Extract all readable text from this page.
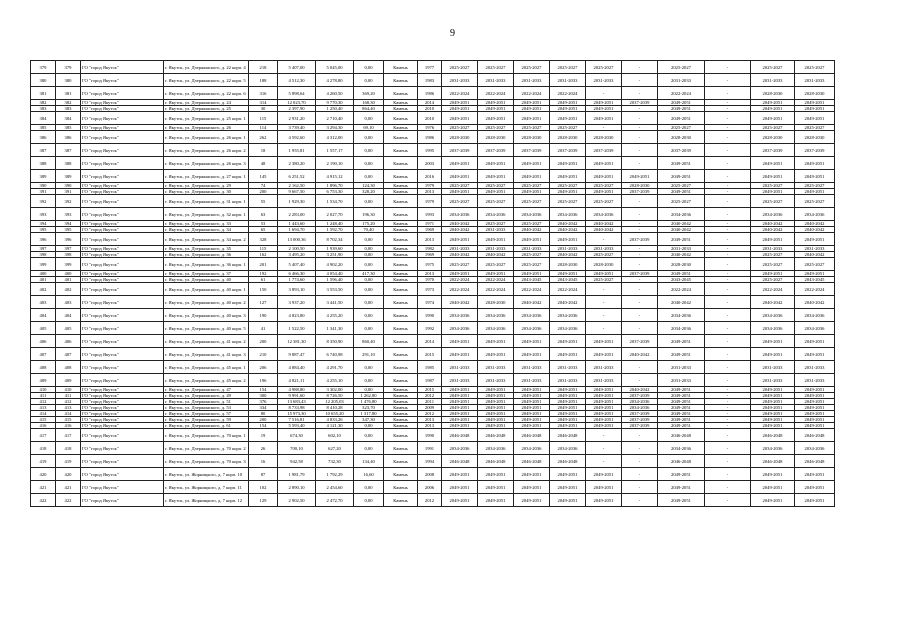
9
379	379	ГО "город Якутск"	г. Якутск, ул. Дзержинского, д. 22 корп. 4	218	5 407,00	5 045,00	0,00	Камень	1977	2025-2027	2025-2027	2025-2027	2025-2027	2025-2027	-	2025-2027	-	2025-2027	2025-2027
380	380	ГО "город Якутск"	г. Якутск, ул. Дзержинского, д. 22 корп. 5	188	4 512,30	4 278,80	0,00	Камень	1983	2031-2033	2031-2033	2031-2033	2031-2033	2031-2033	-	2031-2033	-	2031-2033	2031-2033
381	381	ГО "город Якутск"	г. Якутск, ул. Дзержинского, д. 22 корп. 6	316	5 898,64	4 260,50	369,20	Камень	1986	2022-2024	2022-2024	2022-2024	2022-2024	-	-	2022-2024	-	2028-2030	2028-2030
382	382	ГО "город Якутск"	г. Якутск, ул. Дзержинского, д. 24	314	12 023,70	9 770,30	168,30	Камень	2014	2049-2051	2049-2051	2049-2051	2049-2051	2049-2051	2037-2039	2049-2051	-	2049-2051	2049-2051
383	383	ГО "город Якутск"	г. Якутск, ул. Дзержинского, д. 25	30	2 397,90	1 250,40	864,40	Камень	2010	2049-2051	2049-2051	2049-2051	2049-2051	2049-2051	-	2049-2051	-	2049-2051	2049-2051
384	384	ГО "город Якутск"	г. Якутск, ул. Дзержинского, д. 25 корп. 1	115	2 931,20	2 710,40	0,00	Камень	2010	2049-2051	2049-2051	2049-2051	2049-2051	2049-2051	-	2049-2051	-	2049-2051	2049-2051
385	385	ГО "город Якутск"	г. Якутск, ул. Дзержинского, д. 26	114	3 739,40	3 294,30	69,10	Камень	1976	2025-2027	2025-2027	2025-2027	2025-2027	-	-	2025-2027	-	2025-2027	2025-2027
386	386	ГО "город Якутск"	г. Якутск, ул. Дзержинского, д. 26 корп. 1	262	4 592,60	4 312,00	0,00	Камень	1986	2028-2030	2028-2030	2028-2030	2028-2030	2028-2030	-	2028-2030	-	2028-2030	2028-2030
387	387	ГО "город Якутск"	г. Якутск, ул. Дзержинского, д. 26 корп. 2	18	1 955,81	1 557,17	0,00	Камень	1995	2037-2039	2037-2039	2037-2039	2037-2039	2037-2039	-	2037-2039	-	2037-2039	2037-2039
388	388	ГО "город Якутск"	г. Якутск, ул. Дзержинского, д. 26 корп. 3	48	2 380,20	2 190,10	0,00	Камень	2003	2049-2051	2049-2051	2049-2051	2049-2051	2049-2051	-	2049-2051	-	2049-2051	2049-2051
389	389	ГО "город Якутск"	г. Якутск, ул. Дзержинского, д. 27 корп. 1	145	6 251,52	4 915,12	0,00	Камень	2016	2049-2051	2049-2051	2049-2051	2049-2051	2049-2051	2049-2051	2049-2051	-	2049-2051	2049-2051
390	390	ГО "город Якутск"	г. Якутск, ул. Дзержинского, д. 29	74	2 162,50	1 896,70	124,30	Камень	1979	2025-2027	2025-2027	2025-2027	2025-2027	2025-2027	2028-2030	2025-2027	-	2025-2027	2025-2027
391	391	ГО "город Якутск"	г. Якутск, ул. Дзержинского, д. 30	200	9 667,50	6 753,30	328,20	Камень	2013	2049-2051	2049-2051	2049-2051	2049-2051	2049-2051	2037-2039	2049-2051	-	2049-2051	2049-2051
392	392	ГО "город Якутск"	г. Якутск, ул. Дзержинского, д. 31 корп. 1	55	1 929,30	1 534,70	0,00	Камень	1979	2025-2027	2025-2027	2025-2027	2025-2027	2025-2027	-	2025-2027	-	2025-2027	2025-2027
393	393	ГО "город Якутск"	г. Якутск, ул. Дзержинского, д. 32 корп. 1	63	2 283,00	2 027,70	196,30	Камень	1993	2034-2036	2034-2036	2034-2036	2034-2036	2034-2036	-	2034-2036	-	2034-2036	2034-2036
394	394	ГО "город Якутск"	г. Якутск, ул. Дзержинского, д. 33	53	1 443,60	1 248,40	175,20	Камень	1971	2040-2042	2025-2027	2025-2027	2040-2042	2040-2042	-	2040-2042	-	2040-2042	2040-2042
395	395	ГО "город Якутск"	г. Якутск, ул. Дзержинского, д. 34	65	1 694,70	1 592,70	70,40	Камень	1969	2040-2042	2031-2033	2040-2042	2040-2042	2040-2042	-	2040-2042	-	2040-2042	2040-2042
396	396	ГО "город Якутск"	г. Якутск, ул. Дзержинского, д. 34 корп. 2	328	13 000,36	8 702,34	0,00	Камень	2013	2049-2051	2049-2051	2049-2051	2049-2051	-	2037-2039	2049-2051	-	2049-2051	2049-2051
397	397	ГО "город Якутск"	г. Якутск, ул. Дзержинского, д. 35	115	2 100,50	1 939,60	0,00	Камень	1982	2031-2033	2031-2033	2031-2033	2031-2033	2031-2033	-	2031-2033	-	2031-2033	2031-2033
398	398	ГО "город Якутск"	г. Якутск, ул. Дзержинского, д. 36	162	3 495,20	3 251,90	0,00	Камень	1969	2040-2042	2040-2042	2025-2027	2040-2042	2025-2027	-	2040-2042	-	2025-2027	2040-2042
399	399	ГО "город Якутск"	г. Якутск, ул. Дзержинского, д. 36 корп. 1	201	5 407,40	4 902,20	0,00	Камень	1975	2025-2027	2025-2027	2025-2027	2028-2030	2028-2030	-	2028-2030	-	2025-2027	2025-2027
400	400	ГО "город Якутск"	г. Якутск, ул. Дзержинского, д. 37	192	6 466,30	4 054,40	417,30	Камень	2013	2049-2051	2049-2051	2049-2051	2049-2051	2049-2051	2037-2039	2049-2051	-	2049-2051	2049-2051
401	401	ГО "город Якутск"	г. Якутск, ул. Дзержинского, д. 40	61	1 774,60	1 596,40	0,00	Камень	1970	2022-2024	2022-2024	2043-2045	2043-2045	2025-2027	-	2043-2045	-	2025-2027	2043-2045
402	402	ГО "город Якутск"	г. Якутск, ул. Дзержинского, д. 40 корп. 1	150	3 893,10	3 553,50	0,00	Камень	1973	2022-2024	2022-2024	2022-2024	2022-2024	-	-	2022-2024	-	2022-2024	2022-2024
403	403	ГО "город Якутск"	г. Якутск, ул. Дзержинского, д. 40 корп. 2	127	3 937,20	3 441,50	0,00	Камень	1974	2040-2042	2028-2030	2040-2042	2040-2042	-	-	2040-2042	-	2040-2042	2040-2042
404	404	ГО "город Якутск"	г. Якутск, ул. Дзержинского, д. 40 корп. 3	190	4 823,80	4 255,20	0,00	Камень	1990	2034-2036	2034-2036	2034-2036	2034-2036	-	-	2034-2036	-	2034-2036	2034-2036
405	405	ГО "город Якутск"	г. Якутск, ул. Дзержинского, д. 40 корп. 5	41	1 522,50	1 341,30	0,00	Камень	1992	2034-2036	2034-2036	2034-2036	2034-2036	-	-	2034-2036	-	2034-2036	2034-2036
406	406	ГО "город Якутск"	г. Якутск, ул. Дзержинского, д. 41 корп. 2	200	12 381,30	8 350,90	860,40	Камень	2014	2049-2051	2049-2051	2049-2051	2049-2051	2049-2051	2037-2039	2049-2051	-	2049-2051	2049-2051
407	407	ГО "город Якутск"	г. Якутск, ул. Дзержинского, д. 41 корп. 3	210	9 887,47	6 740,98	291,10	Камень	2015	2049-2051	2049-2051	2049-2051	2049-2051	2049-2051	2040-2042	2049-2051	-	2049-2051	2049-2051
408	408	ГО "город Якутск"	г. Якутск, ул. Дзержинского, д. 45 корп. 1	206	4 884,40	4 291,70	0,00	Камень	1985	2031-2033	2031-2033	2031-2033	2031-2033	2031-2033	-	2031-2033	-	2031-2033	2031-2033
409	409	ГО "город Якутск"	г. Якутск, ул. Дзержинского, д. 45 корп. 2	196	4 821,11	4 255,10	0,00	Камень	1987	2031-2033	2031-2033	2031-2033	2031-2033	2031-2033	-	2031-2033	-	2031-2033	2031-2033
410	410	ГО "город Якутск"	г. Якутск, ул. Дзержинского, д. 47	154	4 988,80	3 302,00	0,00	Камень	2015	2049-2051	2049-2051	2049-2051	2049-2051	2049-2051	2040-2042	2049-2051	-	2049-2051	2049-2051
411	411	ГО "город Якутск"	г. Якутск, ул. Дзержинского, д. 49	300	9 991,60	8 726,50	1 262,80	Камень	2012	2049-2051	2049-2051	2049-2051	2049-2051	2049-2051	2037-2039	2049-2051	-	2049-2051	2049-2051
412	412	ГО "город Якутск"	г. Якутск, ул. Дзержинского, д. 51	376	13 683,43	12 205,03	1 476,80	Камень	2011	2049-2051	2049-2051	2049-2051	2049-2051	2049-2051	2034-2036	2049-2051	-	2049-2051	2049-2051
413	413	ГО "город Якутск"	г. Якутск, ул. Дзержинского, д. 53	334	8 733,98	8 410,28	323,70	Камень	2009	2049-2051	2049-2051	2049-2051	2049-2051	2049-2051	2034-2036	2049-2051	-	2049-2051	2049-2051
414	414	ГО "город Якутск"	г. Якутск, ул. Дзержинского, д. 57	80	15 973,30	10 655,20	1 317,80	Камень	2012	2049-2051	2049-2051	2049-2051	2049-2051	2049-2051	2037-2039	2049-2051	-	2049-2051	2049-2051
415	415	ГО "город Якутск"	г. Якутск, ул. Дзержинского, д. 59	200	7 516,81	4 833,26	347,30	Камень	2013	2049-2051	2049-2051	2049-2051	2049-2051	2049-2051	2037-2039	2049-2051	-	2049-2051	2049-2051
416	416	ГО "город Якутск"	г. Якутск, ул. Дзержинского, д. 61	154	5 593,40	4 121,30	0,00	Камень	2013	2049-2051	2049-2051	2049-2051	2049-2051	2049-2051	2037-2039	2049-2051	-	2049-2051	2049-2051
417	417	ГО "город Якутск"	г. Якутск, ул. Дзержинского, д. 70 корп. 1	19	674,30	602,10	0,00	Камень	1990	2046-2048	2046-2048	2046-2048	2046-2048	-	-	2046-2048	-	2046-2048	2046-2048
418	418	ГО "город Якутск"	г. Якутск, ул. Дзержинского, д. 70 корп. 2	26	700,10	627,20	0,00	Камень	1991	2034-2036	2034-2036	2034-2036	2034-2036	-	-	2034-2036	-	2034-2036	2034-2036
419	419	ГО "город Якутск"	г. Якутск, ул. Дзержинского, д. 70 корп. 3	16	942,58	732,30	134,40	Камень	1994	2046-2048	2046-2048	2046-2048	2046-2048	-	-	2046-2048	-	2046-2048	2046-2048
420	420	ГО "город Якутск"	г. Якутск, ул. Жорницкого, д. 7 корп. 10	87	1 981,79	1 792,29	16,60	Камень	2008	2049-2051	2049-2051	2049-2051	2049-2051	2049-2051	-	2049-2051	-	2049-2051	2049-2051
421	421	ГО "город Якутск"	г. Якутск, ул. Жорницкого, д. 7 корп. 11	102	2 890,10	2 454,60	0,00	Камень	2006	2049-2051	2049-2051	2049-2051	2049-2051	2049-2051	-	2049-2051	-	2049-2051	2049-2051
422	422	ГО "город Якутск"	г. Якутск, ул. Жорницкого, д. 7 корп. 12	129	2 902,50	2 472,70	0,00	Камень	2012	2049-2051	2049-2051	2049-2051	2049-2051	2049-2051	-	2049-2051	-	2049-2051	2049-2051
